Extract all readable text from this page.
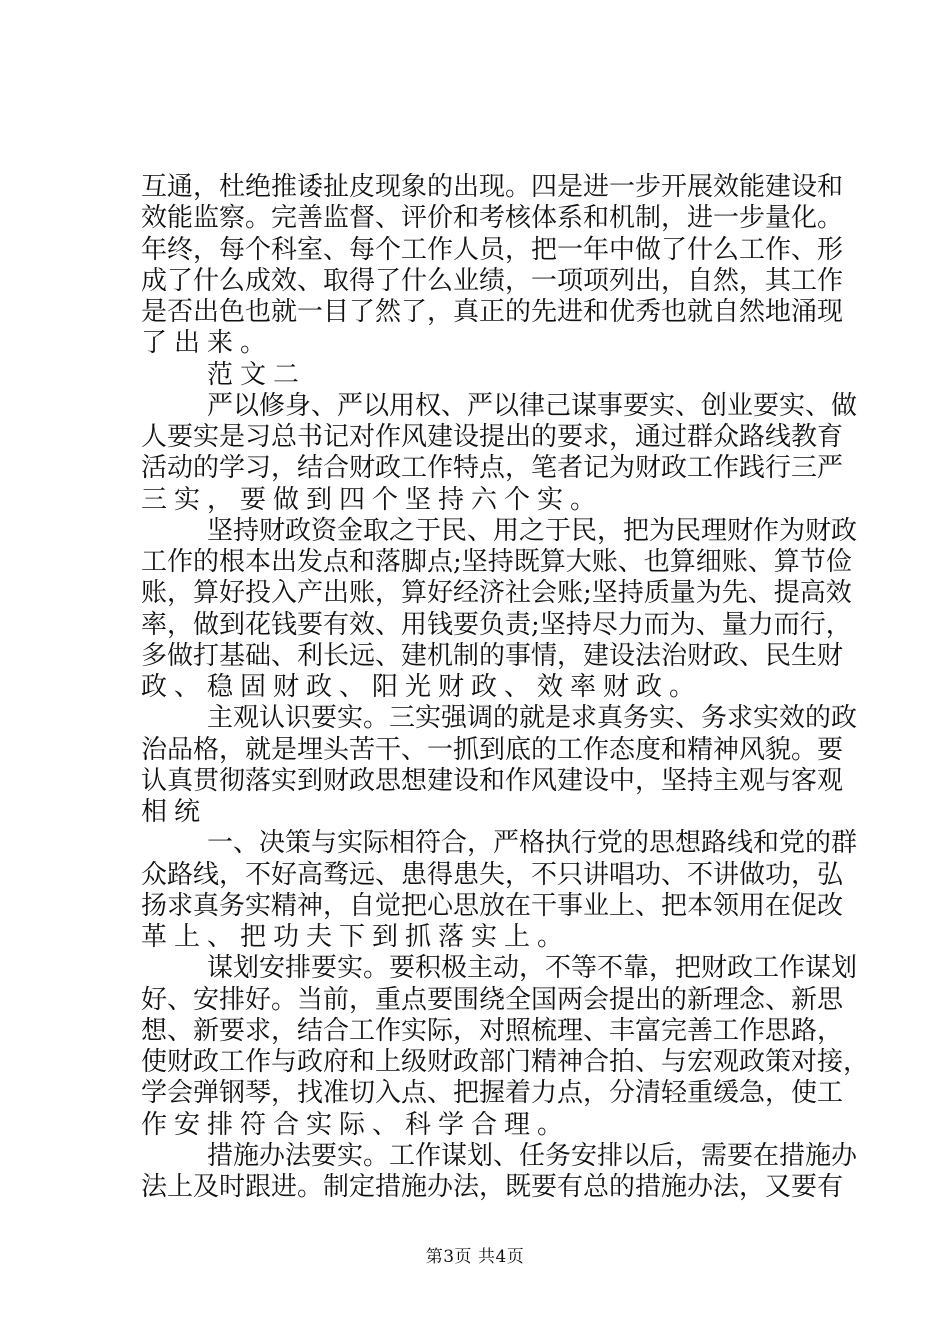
互通，杜绝推诿扯皮现象的出现。四是进一步开展效能建设和
效能监察。完善监督、评价和考核体系和机制，进一步量化。
年终，每个科室、每个工作人员，把一年中做了什么工作、形
成了什么成效、取得了什么业绩，一项项列出，自然，其工作
是否出色也就一目了然了，真正的先进和优秀也就自然地涌现
了出来。
范文二
严以修身、严以用权、严以律己谋事要实、创业要实、做
人要实是习总书记对作风建设提出的要求，通过群众路线教育
活动的学习，结合财政工作特点，笔者记为财政工作践行三严
三实，要做到四个坚持六个实。
坚持财政资金取之于民、用之于民，把为民理财作为财政
工作的根本出发点和落脚点;坚持既算大账、也算细账、算节俭
账，算好投入产出账，算好经济社会账;坚持质量为先、提高效
率，做到花钱要有效、用钱要负责;坚持尽力而为、量力而行，
多做打基础、利长远、建机制的事情，建设法治财政、民生财
政、稳固财政、阳光财政、效率财政。
主观认识要实。三实强调的就是求真务实、务求实效的政
治品格，就是埋头苦干、一抓到底的工作态度和精神风貌。要
认真贯彻落实到财政思想建设和作风建设中，坚持主观与客观
相统
一、决策与实际相符合，严格执行党的思想路线和党的群
众路线，不好高骛远、患得患失，不只讲唱功、不讲做功，弘
扬求真务实精神，自觉把心思放在干事业上、把本领用在促改
革上、把功夫下到抓落实上。
谋划安排要实。要积极主动，不等不靠，把财政工作谋划
好、安排好。当前，重点要围绕全国两会提出的新理念、新思
想、新要求，结合工作实际，对照梳理、丰富完善工作思路，
使财政工作与政府和上级财政部门精神合拍、与宏观政策对接，
学会弹钢琴，找准切入点、把握着力点，分清轻重缓急，使工
作安排符合实际、科学合理。
措施办法要实。工作谋划、任务安排以后，需要在措施办
法上及时跟进。制定措施办法，既要有总的措施办法，又要有
第3页 共4页
